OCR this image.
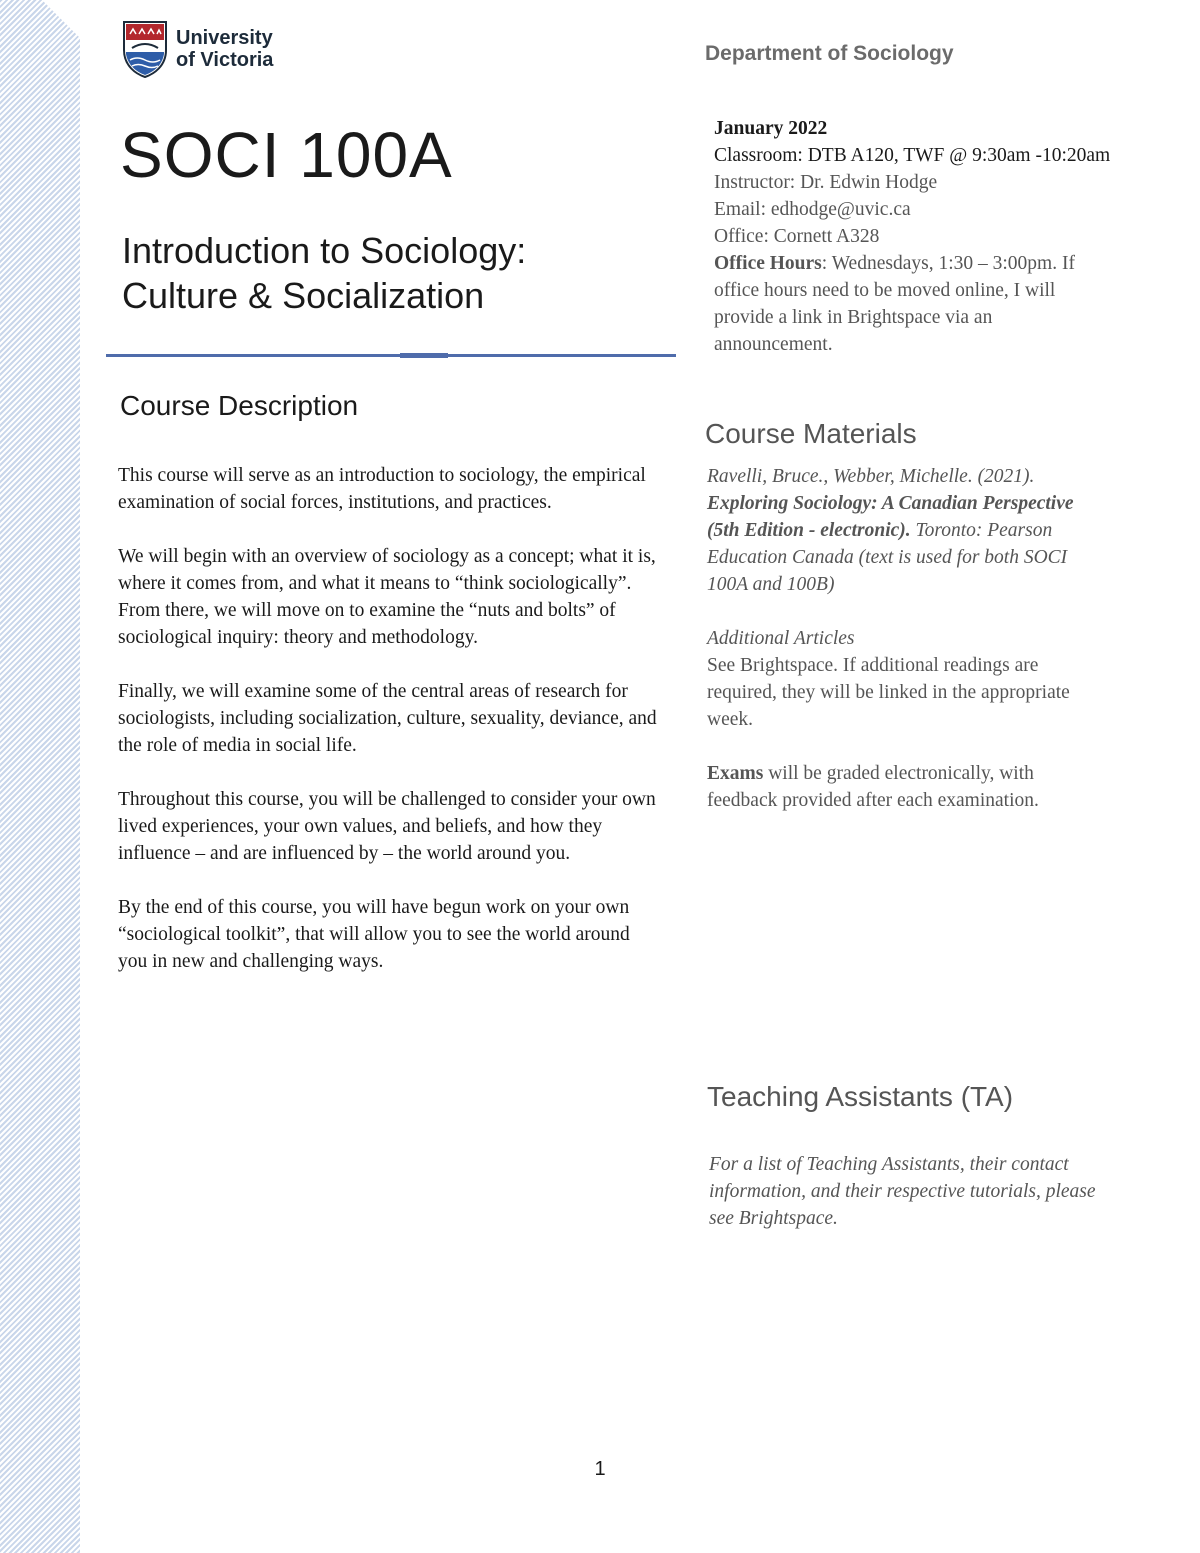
University
of Victoria	Department of Sociology
SOCI 100A
Introduction to Sociology:
Culture & Socialization
Course Description

This course will serve as an introduction to sociology, the empirical examination of social forces, institutions, and practices.

We will begin with an overview of sociology as a concept; what it is, where it comes from, and what it means to “think sociologically”. From there, we will move on to examine the “nuts and bolts” of sociological inquiry: theory and methodology.

Finally, we will examine some of the central areas of research for sociologists, including socialization, culture, sexuality, deviance, and the role of media in social life.

Throughout this course, you will be challenged to consider your own lived experiences, your own values, and beliefs, and how they influence – and are influenced by – the world around you.

By the end of this course, you will have begun work on your own “sociological toolkit”, that will allow you to see the world around you in new and challenging ways.

January 2022
Classroom: DTB A120, TWF @ 9:30am -10:20am
Instructor: Dr. Edwin Hodge
Email: edhodge@uvic.ca
Office: Cornett A328
Office Hours: Wednesdays, 1:30 – 3:00pm. If office hours need to be moved online, I will provide a link in Brightspace via an announcement.
Course Materials

Ravelli, Bruce., Webber, Michelle. (2021). Exploring Sociology: A Canadian Perspective (5th Edition - electronic). Toronto: Pearson Education Canada (text is used for both SOCI 100A and 100B)

Additional Articles
See Brightspace. If additional readings are required, they will be linked in the appropriate week.

Exams will be graded electronically, with feedback provided after each examination.

Teaching Assistants (TA)
For a list of Teaching Assistants, their contact information, and their respective tutorials, please see Brightspace.
1
